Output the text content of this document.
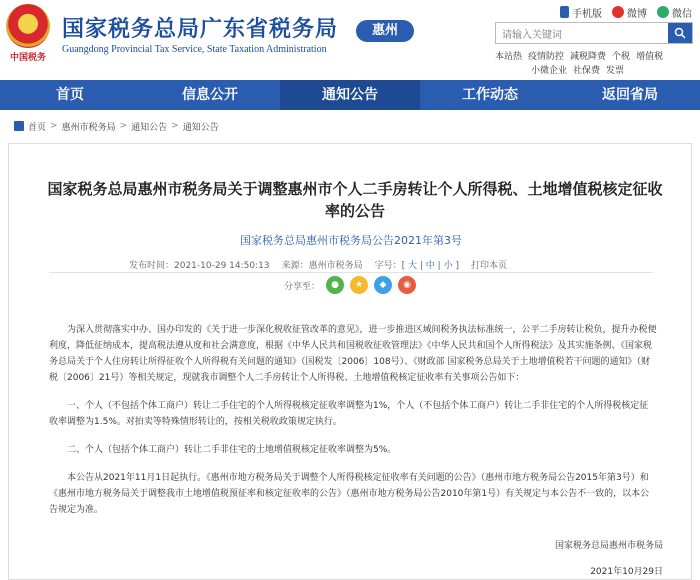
中国税务
国家税务总局广东省税务局
Guangdong Provincial Tax Service, State Taxation Administration
惠州
手机版	微博	微信
请输入关键词
本站热 疫情防控 减税降费 个税 增值税
小微企业 社保费 发票
首页	信息公开	通知公告	工作动态	返回省局
首页 > 惠州市税务局 > 通知公告 > 通知公告
国家税务总局惠州市税务局关于调整惠州市个人二手房转让个人所得税、土地增值税核定征收率的公告
国家税务总局惠州市税务局公告2021年第3号
发布时间：2021-10-29 14:50:13 来源：惠州市税务局 字号：[ 大 | 中 | 小 ] 打印本页
分享至：	●	★	◆	◉

为深入贯彻落实中办、国办印发的《关于进一步深化税收征管改革的意见》，进一步推进区域间税务执法标准统一，公平二手房转让税负，提升办税便利度，降低征纳成本，提高税法遵从度和社会满意度，根据《中华人民共和国税收征收管理法》《中华人民共和国个人所得税法》及其实施条例、《国家税务总局关于个人住房转让所得征收个人所得税有关问题的通知》（国税发〔2006〕108号）、《财政部 国家税务总局关于土地增值税若干问题的通知》（财税〔2006〕21号）等相关规定，现就我市调整个人二手房转让个人所得税、土地增值税核定征收率有关事项公告如下：

一、个人（不包括个体工商户）转让二手住宅的个人所得税核定征收率调整为1%，个人（不包括个体工商户）转让二手非住宅的个人所得税核定征收率调整为1.5%。对拍卖等特殊情形转让的，按相关税收政策规定执行。

二、个人（包括个体工商户）转让二手非住宅的土地增值税核定征收率调整为5%。

本公告从2021年11月1日起执行。《惠州市地方税务局关于调整个人所得税核定征收率有关问题的公告》（惠州市地方税务局公告2015年第3号）和《惠州市地方税务局关于调整我市土地增值税预征率和核定征收率的公告》（惠州市地方税务局公告2010年第1号）有关规定与本公告不一致的，以本公告规定为准。

国家税务总局惠州市税务局
2021年10月29日
